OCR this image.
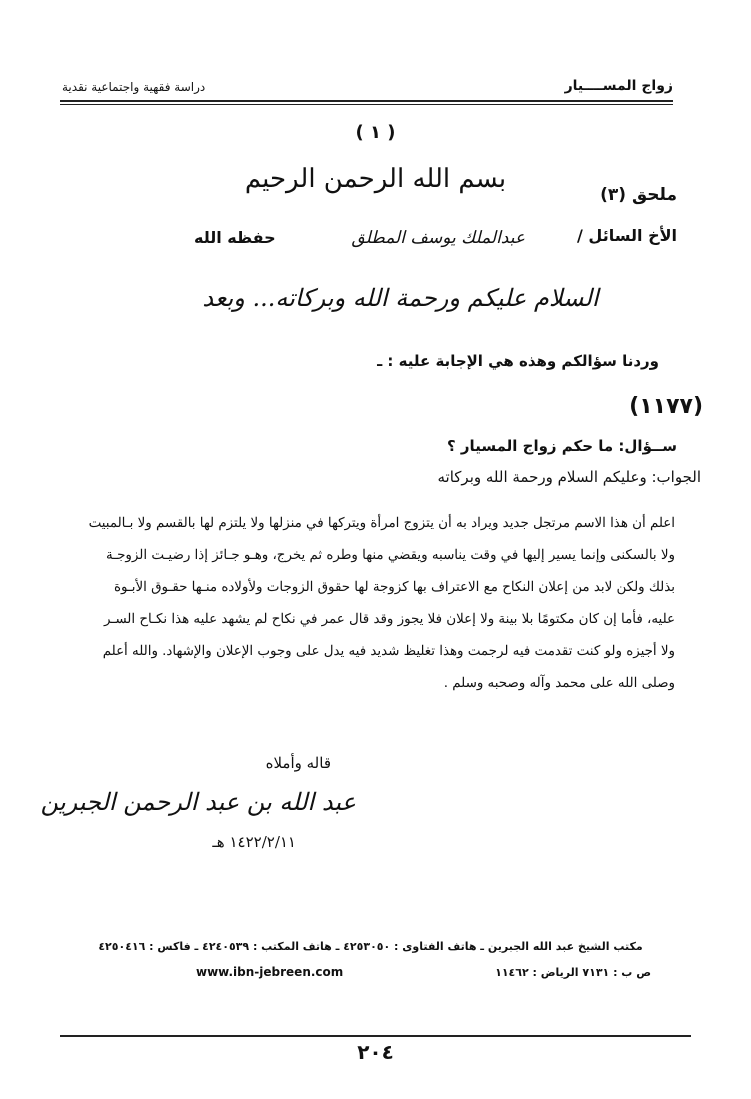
زواج المســــيار
دراسة فقهية واجتماعية نقدية
( ١ )
بسم الله الرحمن الرحيم
ملحق (٣)
الأخ السائل /
عبدالملك يوسف المطلق
حفظه الله
السلام عليكم ورحمة الله وبركاته... وبعد
وردنا سؤالكم وهذه هي الإجابة عليه : ـ
(١١٧٧)
ســؤال: ما حكم زواج المسيار ؟
الجواب: وعليكم السلام ورحمة الله وبركاته
اعلم أن هذا الاسم مرتجل جديد ويراد به أن يتزوج امرأة ويتركها في منزلها ولا يلتزم لها بالقسم ولا بـالمبيت
ولا بالسكنى وإنما يسير إليها في وقت يناسبه ويقضي منها وطره ثم يخرج، وهـو جـائز إذا رضيـت الزوجـة
بذلك ولكن لابد من إعلان النكاح مع الاعتراف بها كزوجة لها حقوق الزوجات ولأولاده منـها حقـوق الأبـوة
عليه، فأما إن كان مكتومًا بلا بينة ولا إعلان فلا يجوز وقد قال عمر في نكاح لم يشهد عليه هذا نكـاح السـر
ولا أجيزه ولو كنت تقدمت فيه لرجمت وهذا تغليظ شديد فيه يدل على وجوب الإعلان والإشهاد. والله أعلم
وصلى الله على محمد وآله وصحبه وسلم .
قاله وأملاه
عبد الله بن عبد الرحمن الجبرين
١٤٢٢/٢/١١ هـ
مكتب الشيخ عبد الله الجبرين ـ هاتف الفتاوى : ٤٢٥٣٠٥٠ ـ هاتف المكتب : ٤٢٤٠٥٣٩ ـ فاكس : ٤٢٥٠٤١٦
ص ب : ٧١٣١ الرياض : ١١٤٦٢
www.ibn-jebreen.com
٢٠٤
